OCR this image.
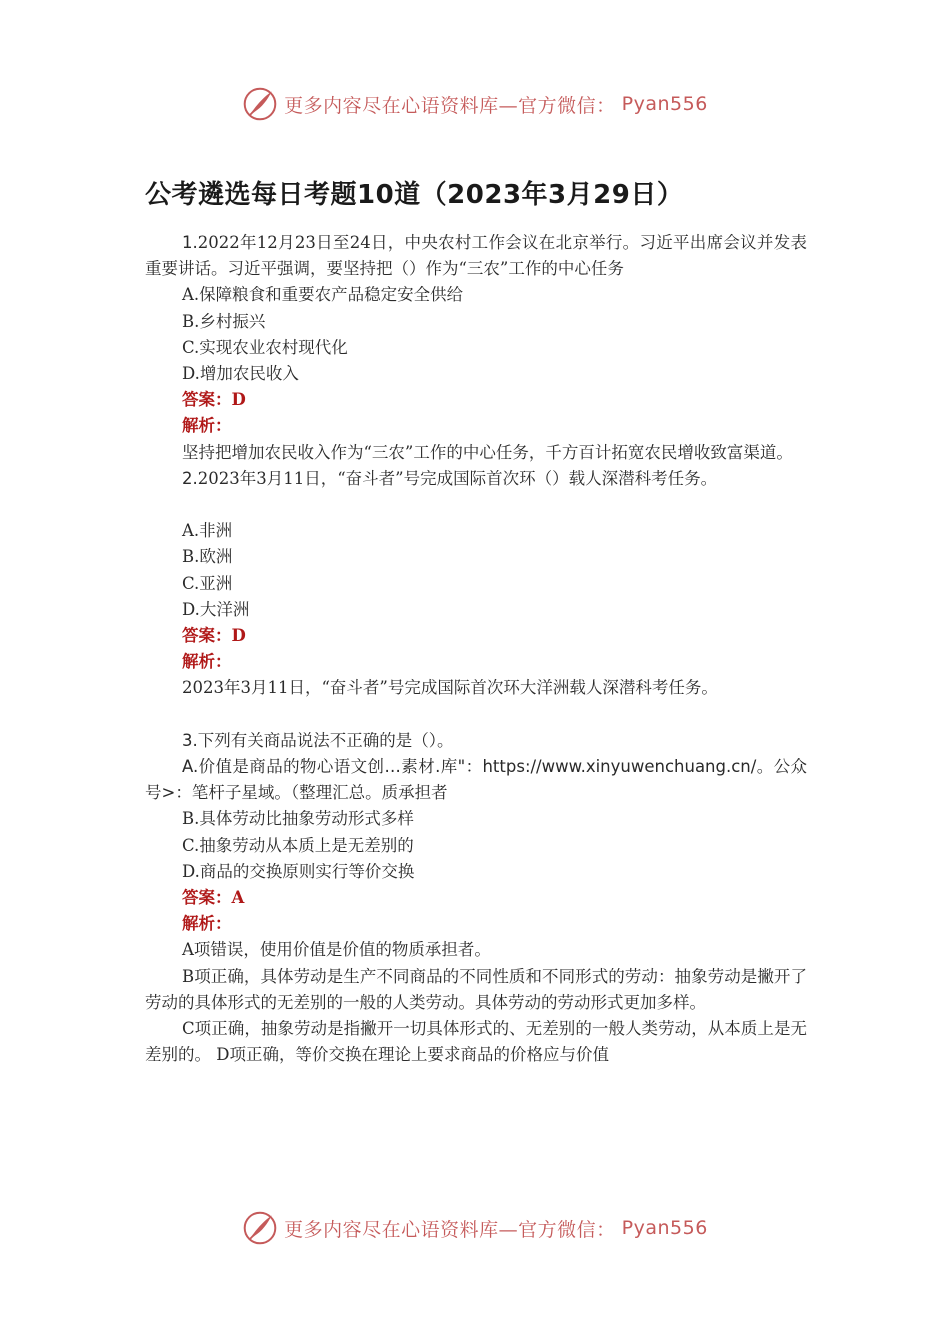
更多内容尽在心语资料库—官方微信： Pyan556
公考遴选每日考题10道（2023年3月29日）

1.2022年12月23日至24日，中央农村工作会议在北京举行。习近平出席会议并发表重要讲话。习近平强调，要坚持把（）作为“三农”工作的中心任务

A.保障粮食和重要农产品稳定安全供给

B.乡村振兴

C.实现农业农村现代化

D.增加农民收入

答案：D

解析：

坚持把增加农民收入作为“三农”工作的中心任务，千方百计拓宽农民增收致富渠道。

2.2023年3月11日，“奋斗者”号完成国际首次环（）载人深潜科考任务。

A.非洲

B.欧洲

C.亚洲

D.大洋洲

答案：D

解析：

2023年3月11日，“奋斗者”号完成国际首次环大洋洲载人深潜科考任务。

3.下列有关商品说法不正确的是（）。

A.价值是商品的物心语文创…素材.库"：https://www.xinyuwenchuang.cn/。公众号>：笔杆子星域。（整理汇总。质承担者

B.具体劳动比抽象劳动形式多样

C.抽象劳动从本质上是无差别的

D.商品的交换原则实行等价交换

答案：A

解析：

A项错误，使用价值是价值的物质承担者。

B项正确，具体劳动是生产不同商品的不同性质和不同形式的劳动：抽象劳动是撇开了劳动的具体形式的无差别的一般的人类劳动。具体劳动的劳动形式更加多样。

C项正确，抽象劳动是指撇开一切具体形式的、无差别的一般人类劳动，从本质上是无差别的。 D项正确，等价交换在理论上要求商品的价格应与价值

更多内容尽在心语资料库—官方微信： Pyan556
